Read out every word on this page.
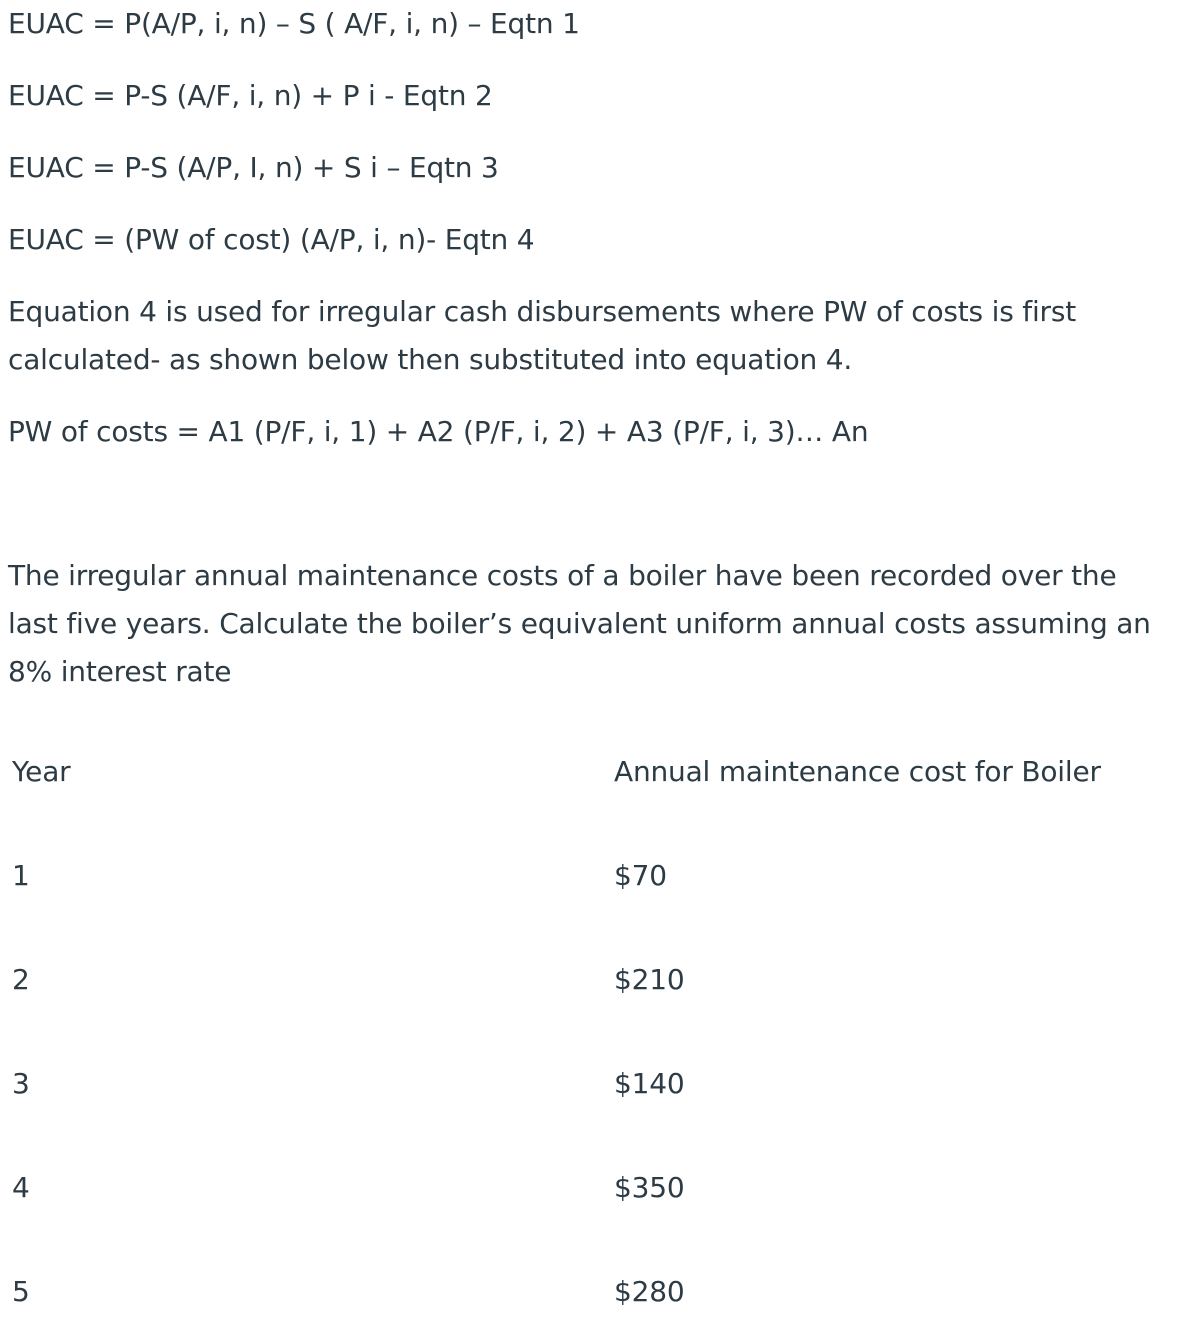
EUAC = P(A/P, i, n) – S ( A/F, i, n) – Eqtn 1
EUAC = P-S (A/F, i, n) + P i - Eqtn 2
EUAC = P-S (A/P, I, n) + S i – Eqtn 3
EUAC = (PW of cost) (A/P, i, n)- Eqtn 4
Equation 4 is used for irregular cash disbursements where PW of costs is first calculated- as shown below then substituted into equation 4.
PW of costs = A1 (P/F, i, 1) + A2 (P/F, i, 2) + A3 (P/F, i, 3)… An
The irregular annual maintenance costs of a boiler have been recorded over the last five years. Calculate the boiler’s equivalent uniform annual costs assuming an 8% interest rate
Year	Annual maintenance cost for Boiler
1	$70
2	$210
3	$140
4	$350
5	$280
